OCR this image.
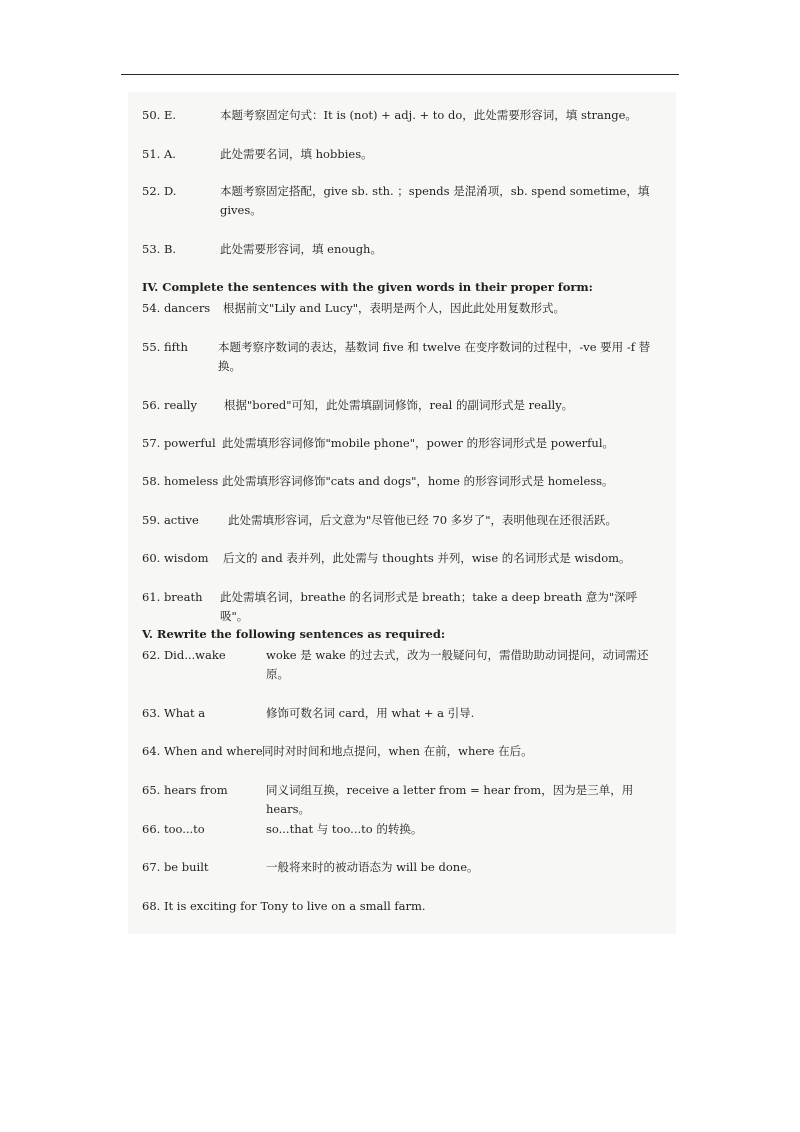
50. E.	本题考察固定句式：It is (not) + adj. + to do，此处需要形容词，填 strange。
51. A.	此处需要名词，填 hobbies。
52. D.	本题考察固定搭配，give sb. sth. ；spends 是混淆项，sb. spend sometime，填 gives。
53. B.	此处需要形容词，填 enough。
IV. Complete the sentences with the given words in their proper form:
54. dancers 根据前文"Lily and Lucy"，表明是两个人，因此此处用复数形式。
55. fifth	本题考察序数词的表达，基数词 five 和 twelve 在变序数词的过程中，-ve 要用 -f 替换。
56. really 根据"bored"可知，此处需填副词修饰，real 的副词形式是 really。
57. powerful 此处需填形容词修饰"mobile phone"，power 的形容词形式是 powerful。
58. homeless 此处需填形容词修饰"cats and dogs"，home 的形容词形式是 homeless。
59. active	此处需填形容词，后文意为"尽管他已经 70 多岁了"，表明他现在还很活跃。
60. wisdom 后文的 and 表并列，此处需与 thoughts 并列，wise 的名词形式是 wisdom。
61. breath 此处需填名词，breathe 的名词形式是 breath；take a deep breath 意为"深呼吸"。
V. Rewrite the following sentences as required:
62. Did...wake	woke 是 wake 的过去式，改为一般疑问句，需借助助动词提问，动词需还原。
63. What a	修饰可数名词 card，用 what + a 引导.
64. When and where 同时对时间和地点提问，when 在前，where 在后。
65. hears from	同义词组互换，receive a letter from = hear from，因为是三单，用 hears。
66. too...to	so...that 与 too...to 的转换。
67. be built	一般将来时的被动语态为 will be done。
68. It is exciting for Tony to live on a small farm.
